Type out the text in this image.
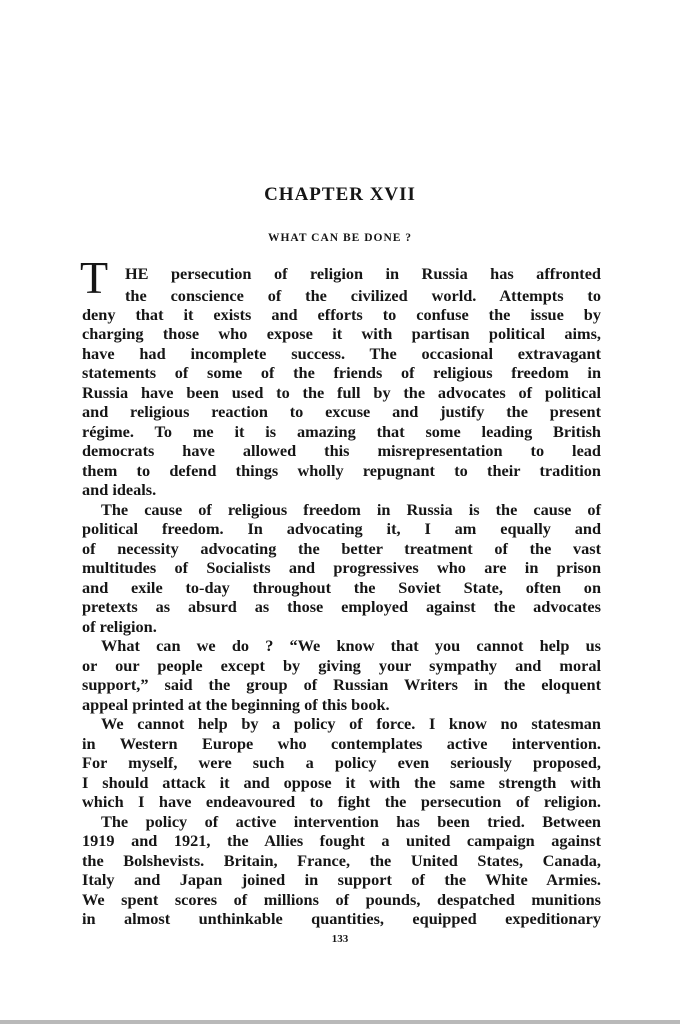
CHAPTER XVII
WHAT CAN BE DONE ?
T HE persecution of religion in Russia has affronted
the conscience of the civilized world. Attempts to
deny that it exists and efforts to confuse the issue by
charging those who expose it with partisan political aims,
have had incomplete success. The occasional extravagant
statements of some of the friends of religious freedom in
Russia have been used to the full by the advocates of political
and religious reaction to excuse and justify the present
régime. To me it is amazing that some leading British
democrats have allowed this misrepresentation to lead
them to defend things wholly repugnant to their tradition
and ideals.
The cause of religious freedom in Russia is the cause of
political freedom. In advocating it, I am equally and
of necessity advocating the better treatment of the vast
multitudes of Socialists and progressives who are in prison
and exile to-day throughout the Soviet State, often on
pretexts as absurd as those employed against the advocates
of religion.
What can we do ? “We know that you cannot help us
or our people except by giving your sympathy and moral
support,” said the group of Russian Writers in the eloquent
appeal printed at the beginning of this book.
We cannot help by a policy of force. I know no statesman
in Western Europe who contemplates active intervention.
For myself, were such a policy even seriously proposed,
I should attack it and oppose it with the same strength with
which I have endeavoured to fight the persecution of religion.
The policy of active intervention has been tried. Between
1919 and 1921, the Allies fought a united campaign against
the Bolshevists. Britain, France, the United States, Canada,
Italy and Japan joined in support of the White Armies.
We spent scores of millions of pounds, despatched munitions
in almost unthinkable quantities, equipped expeditionary
133
